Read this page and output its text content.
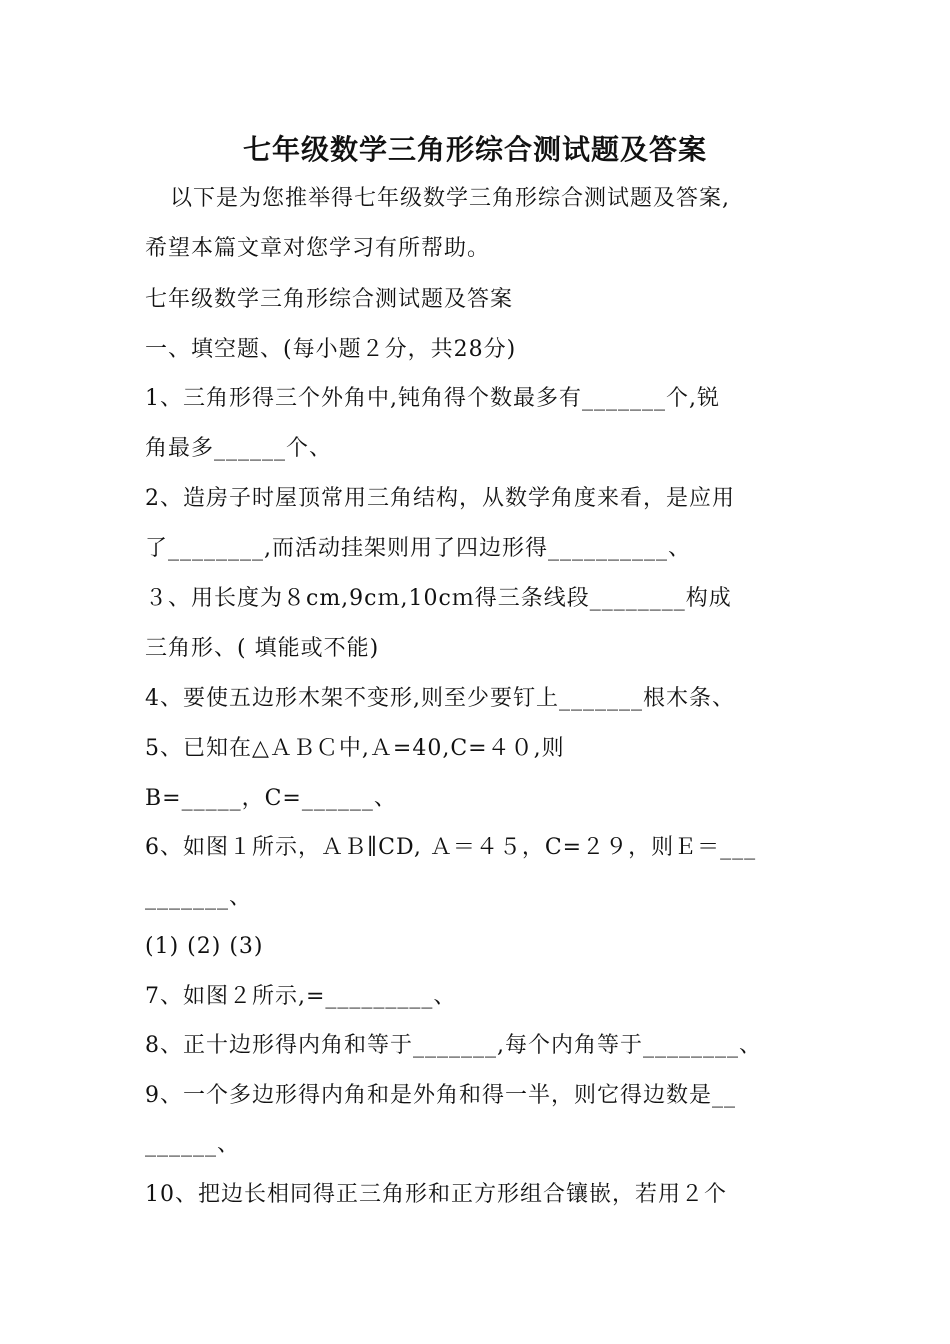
七年级数学三角形综合测试题及答案

以下是为您推举得七年级数学三角形综合测试题及答案,

希望本篇文章对您学习有所帮助。

七年级数学三角形综合测试题及答案

一、填空题、(每小题２分，共28分)

1、三角形得三个外角中,钝角得个数最多有_______个,锐

角最多______个、

2、造房子时屋顶常用三角结构，从数学角度来看，是应用

了________,而活动挂架则用了四边形得__________、

３、用长度为８cm,9cｍ,10cｍ得三条线段________构成

三角形、( 填能或不能)

4、要使五边形木架不变形,则至少要钉上_______根木条、

5、已知在△ＡＢＣ中,Ａ=40,C=４０,则

B=_____，C=______、

6、如图１所示，ＡＢ∥CD, Ａ＝４５，C=２９，则Ｅ＝___

_______、

(1) (2) (3)

7、如图２所示,=_________、

8、正十边形得内角和等于_______,每个内角等于________、

9、一个多边形得内角和是外角和得一半，则它得边数是__

______、

10、把边长相同得正三角形和正方形组合镶嵌，若用２个
